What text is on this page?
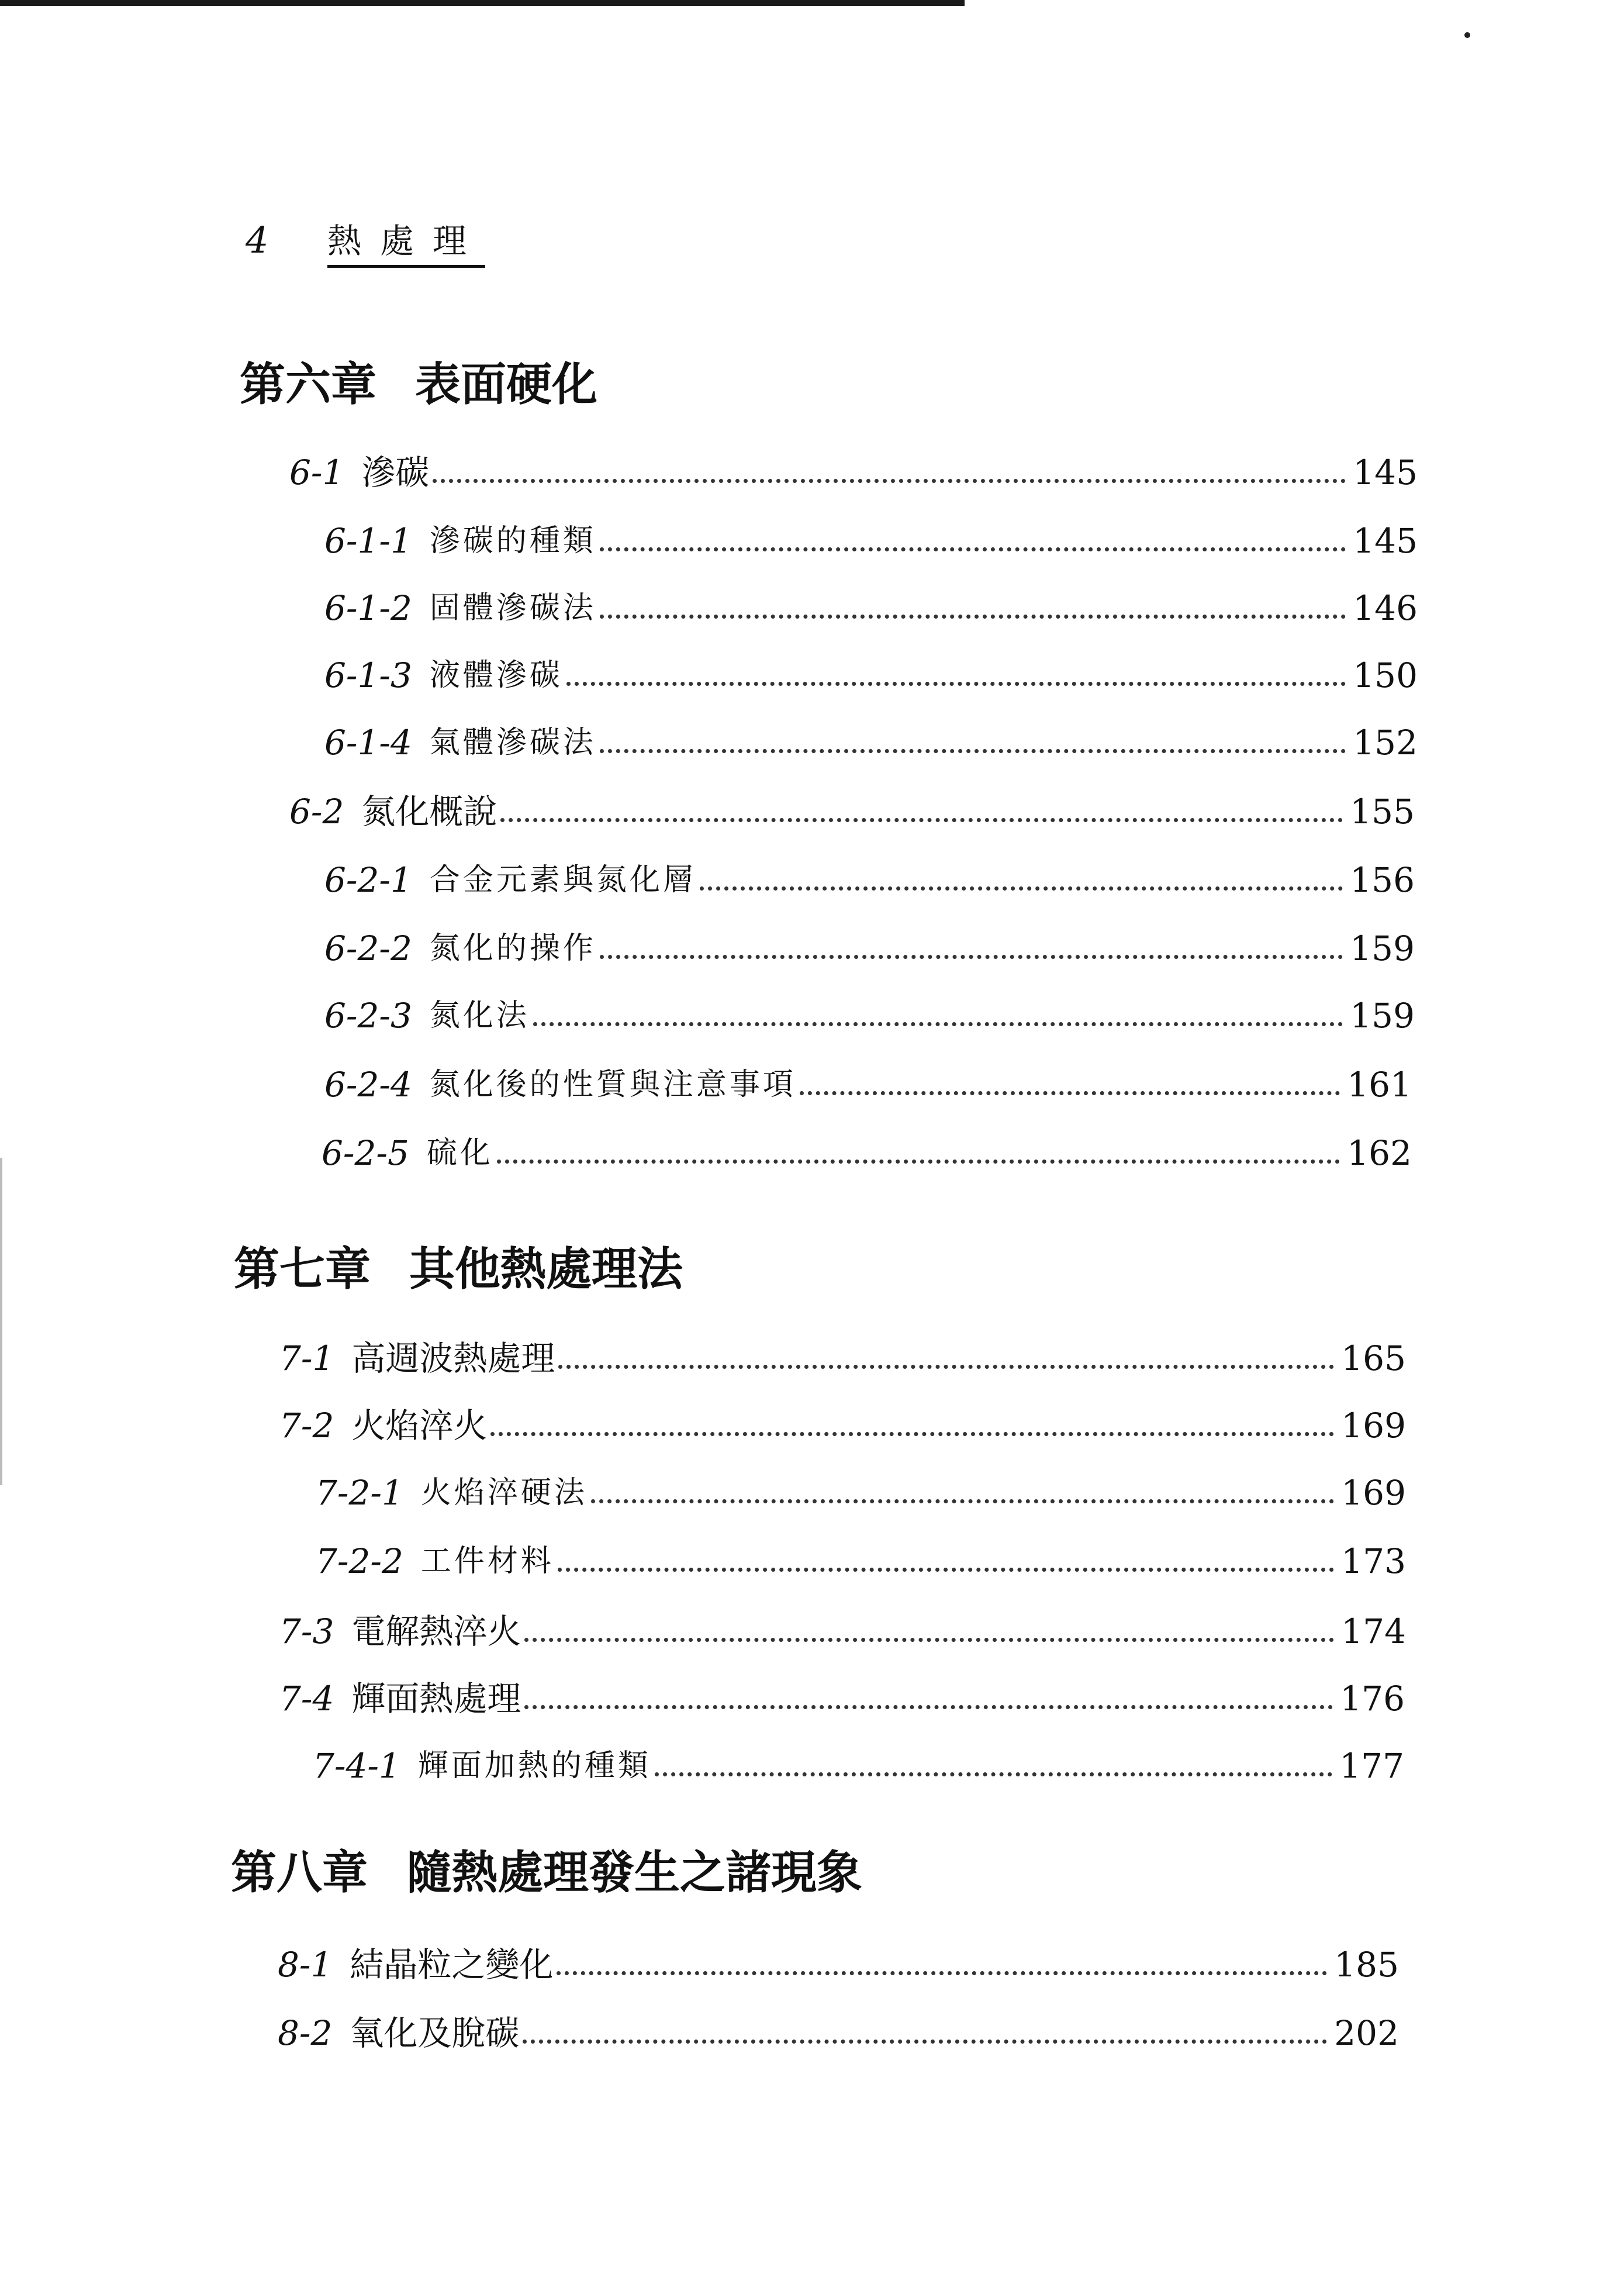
4	熱處理
第六章 表面硬化
6-1 滲碳	145
6-1-1 滲碳的種類	145
6-1-2 固體滲碳法	146
6-1-3 液體滲碳	150
6-1-4 氣體滲碳法	152
6-2 氮化概說	155
6-2-1 合金元素與氮化層	156
6-2-2 氮化的操作	159
6-2-3 氮化法	159
6-2-4 氮化後的性質與注意事項	161
6-2-5 硫化	162
第七章 其他熱處理法
7-1 高週波熱處理	165
7-2 火焰淬火	169
7-2-1 火焰淬硬法	169
7-2-2 工件材料	173
7-3 電解熱淬火	174
7-4 輝面熱處理	176
7-4-1 輝面加熱的種類	177
第八章 隨熱處理發生之諸現象
8-1 結晶粒之變化	185
8-2 氧化及脫碳	202
